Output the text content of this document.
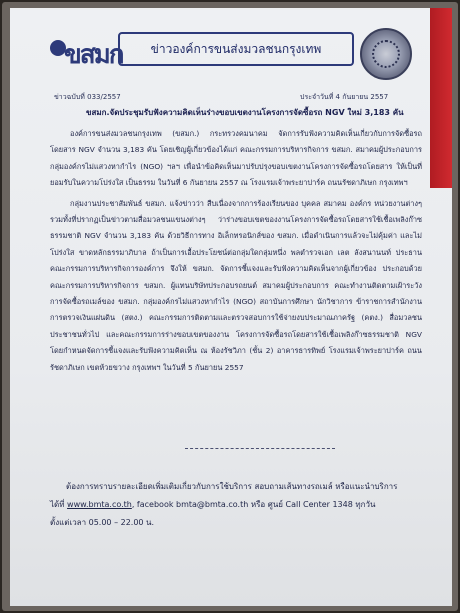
ขสมก	ข่าวองค์การขนส่งมวลชนกรุงเทพ
ข่าวฉบับที่ 033/2557	ประจำวันที่ 4 กันยายน 2557
ขสมก.จัดประชุมรับฟังความคิดเห็นร่างขอบเขตงานโครงการจัดซื้อรถ NGV ใหม่ 3,183 คัน

องค์การขนส่งมวลชนกรุงเทพ (ขสมก.) กระทรวงคมนาคม จัดการรับฟังความคิดเห็นเกี่ยวกับการจัดซื้อรถโดยสาร NGV จำนวน 3,183 คัน โดยเชิญผู้เกี่ยวข้องได้แก่ คณะกรรมการบริหารกิจการ ขสมก. สมาคมผู้ประกอบการ กลุ่มองค์กรไม่แสวงหากำไร (NGO) ฯลฯ เพื่อนำข้อคิดเห็นมาปรับปรุงขอบเขตงานโครงการจัดซื้อรถโดยสาร ให้เป็นที่ยอมรับในความโปร่งใส เป็นธรรม ในวันที่ 6 กันยายน 2557 ณ โรงแรมเจ้าพระยาปาร์ค ถนนรัชดาภิเษก กรุงเทพฯ

กลุ่มงานประชาสัมพันธ์ ขสมก. แจ้งข่าวว่า สืบเนื่องจากการร้องเรียนของ บุคคล สมาคม องค์กร หน่วยงานต่างๆ รวมทั้งที่ปรากฏเป็นข่าวตามสื่อมวลชนแขนงต่างๆ ว่าร่างขอบเขตของงานโครงการจัดซื้อรถโดยสารใช้เชื้อเพลิงก๊าซธรรมชาติ NGV จำนวน 3,183 คัน ด้วยวิธีการทาง อิเล็กทรอนิกส์ของ ขสมก. เมื่อดำเนินการแล้วจะไม่คุ้มค่า และไม่โปร่งใส ขาดหลักธรรมาภิบาล ถ้าเป็นการเอื้อประโยชน์ต่อกลุ่มใดกลุ่มหนึ่ง พลตำรวจเอก เลต ลังสนานนท์ ประธานคณะกรรมการบริหารกิจการองค์การ จึงให้ ขสมก. จัดการชี้แจงและรับฟังความคิดเห็นจากผู้เกี่ยวข้อง ประกอบด้วย คณะกรรมการบริหารกิจการ ขสมก. ผู้แทนบริษัทประกอบรถยนต์ สมาคมผู้ประกอบการ คณะทำงานติดตามเฝ้าระวังการจัดซื้อรถเมล์ของ ขสมก. กลุ่มองค์กรไม่แสวงหากำไร (NGO) สถาบันการศึกษา นักวิชาการ ข้าราชการสำนักงานการตรวจเงินแผ่นดิน (สตง.) คณะกรรมการติดตามและตรวจสอบการใช้จ่ายงบประมาณภาครัฐ (คตง.) สื่อมวลชน ประชาชนทั่วไป และคณะกรรมการร่างขอบเขตของงาน โครงการจัดซื้อรถโดยสารใช้เชื้อเพลิงก๊าซธรรมชาติ NGV โดยกำหนดจัดการชี้แจงและรับฟังความคิดเห็น ณ ห้องรัชวิภา (ชั้น 2) อาคารธารทิพย์ โรงแรมเจ้าพระยาปาร์ค ถนนรัชดาภิเษก เขตห้วยขวาง กรุงเทพฯ ในวันที่ 5 กันยายน 2557

ต้องการทราบรายละเอียดเพิ่มเติมเกี่ยวกับการใช้บริการ สอบถามเส้นทางรถเมล์ หรือแนะนำบริการ

ได้ที่ www.bmta.co.th, facebook bmta@bmta.co.th หรือ ศูนย์ Call Center 1348 ทุกวัน

ตั้งแต่เวลา 05.00 – 22.00 น.
